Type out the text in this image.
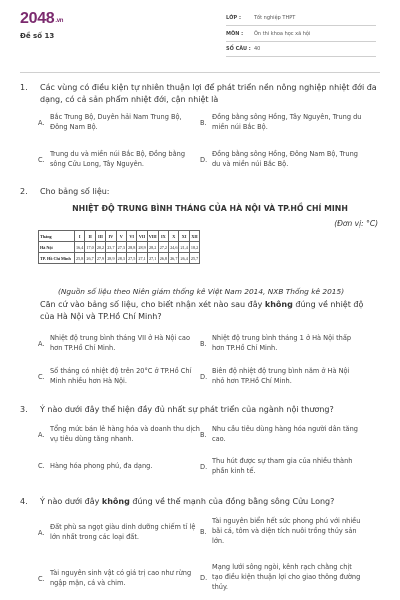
2048.vn
Đề số 13
LỚP :	Tốt nghiệp THPT
MÔN : Ôn thi khoa học xã hội
SỐ CÂU : 40
1. Các vùng có điều kiện tự nhiên thuận lợi để phát triển nền nông nghiệp nhiệt đới đa dạng, có cả sản phẩm nhiệt đới, cận nhiệt là
A.
Bắc Trung Bộ, Duyên hải Nam Trung Bộ, Đông Nam Bộ.	B.
Đồng bằng sông Hồng, Tây Nguyên, Trung du miền núi Bắc Bộ.
C.
Trung du và miền núi Bắc Bộ, Đồng bằng sông Cửu Long, Tây Nguyên.	D.
Đồng bằng sông Hồng, Đông Nam Bộ, Trung du và miền núi Bắc Bộ.
2. Cho bảng số liệu:
NHIỆT ĐỘ TRUNG BÌNH THÁNG CỦA HÀ NỘI VÀ TP.HỒ CHÍ MINH
(Đơn vị: °C)
Tháng	I	II	III	IV	V	VI	VII	VIII	IX	X	XI	XII
Hà Nội	16,4	17,0	20,2	23,7	27,3	28,8	28,9	28,2	27,2	24,6	21,4	18,2
TP. Hồ Chí Minh	25,8	26,7	27,9	28,9	28,3	27,5	27,1	27,1	26,8	26,7	26,4	25,7
(Nguồn số liệu theo Niên giám thống kê Việt Nam 2014, NXB Thống kê 2015)
Căn cứ vào bảng số liệu, cho biết nhận xét nào sau đây không đúng về nhiệt độ của Hà Nội và TP.Hồ Chí Minh?
A.
Nhiệt độ trung bình tháng VII ở Hà Nội cao hơn TP.Hồ Chí Minh.	B.
Nhiệt độ trung bình tháng 1 ở Hà Nội thấp hơn TP.Hồ Chí Minh.
C.
Số tháng có nhiệt độ trên 20°C ở TP.Hồ Chí Minh nhiều hơn Hà Nội.	D.
Biên độ nhiệt độ trung bình năm ở Hà Nội nhỏ hơn TP.Hồ Chí Minh.
3. Ý nào dưới đây thể hiện đầy đủ nhất sự phát triển của ngành nội thương?
A.
Tổng mức bán lẻ hàng hóa và doanh thu dịch vụ tiêu dùng tăng nhanh.	B.
Nhu cầu tiêu dùng hàng hóa người dân tăng cao.
C. Hàng hóa phong phú, đa dạng.	D.
Thu hút được sự tham gia của nhiều thành phần kinh tế.
4. Ý nào dưới đây không đúng về thế mạnh của đồng bằng sông Cửu Long?
A.
Đất phù sa ngọt giàu dinh dưỡng chiếm tỉ lệ lớn nhất trong các loại đất.
B.
Tài nguyên biển hết sức phong phú với nhiều bãi cá, tôm và diện tích nuôi trồng thủy sản lớn.
C.
Tài nguyên sinh vật có giá trị cao như rừng ngập mặn, cá và chim.
D.
Mạng lưới sông ngòi, kênh rạch chằng chịt tạo điều kiện thuận lợi cho giao thông đường thủy.
